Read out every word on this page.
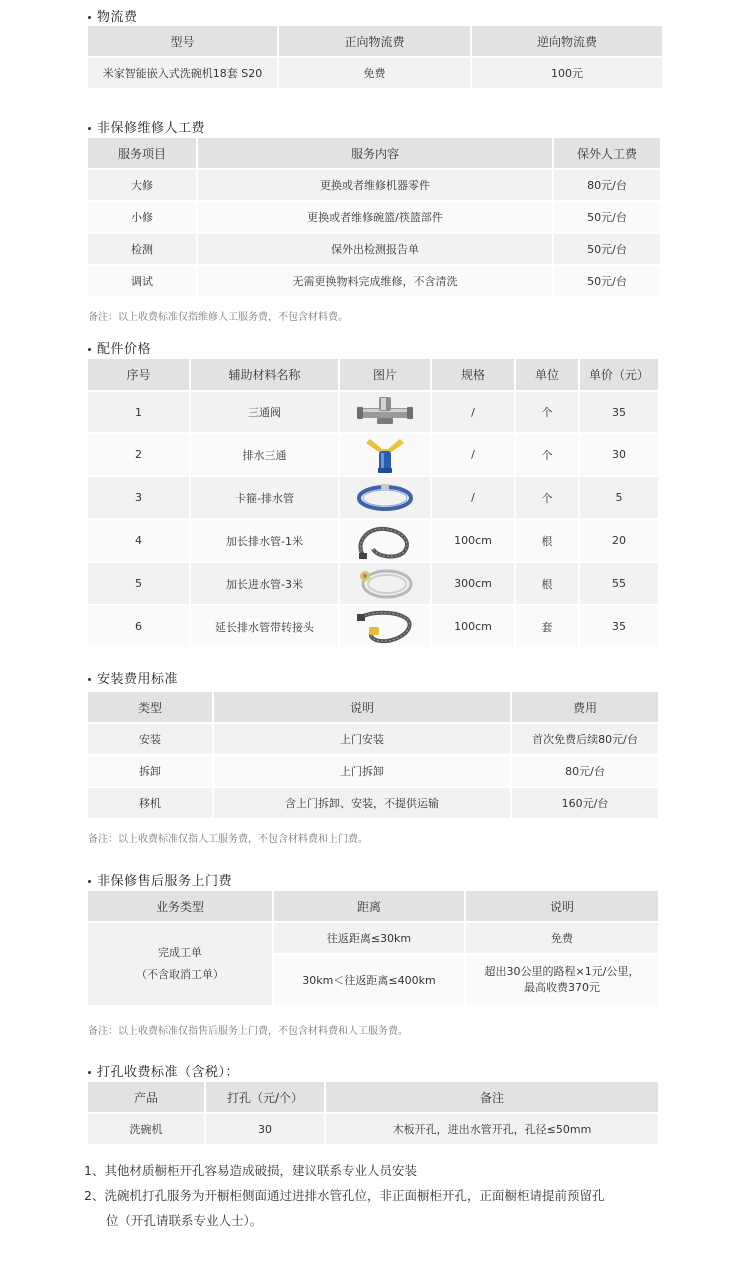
物流费
型号	正向物流费	逆向物流费
米家智能嵌入式洗碗机18套 S20	免费	100元
非保修维修人工费
服务项目	服务内容	保外人工费
大修	更换或者维修机器零件	80元/台
小修	更换或者维修碗篮/筷篮部件	50元/台
检测	保外出检测报告单	50元/台
调试	无需更换物料完成维修，不含清洗	50元/台
备注：以上收费标准仅指维修人工服务费，不包含材料费。
配件价格
序号	辅助材料名称	图片	规格	单位	单价（元）
1	三通阀		/	个	35
2	排水三通		/	个	30
3	卡箍-排水管		/	个	5
4	加长排水管-1米		100cm	根	20
5	加长进水管-3米		300cm	根	55
6	延长排水管带转接头		100cm	套	35
安装费用标准
类型	说明	费用
安装	上门安装	首次免费后续80元/台
拆卸	上门拆卸	80元/台
移机	含上门拆卸、安装，不提供运输	160元/台
备注：以上收费标准仅指人工服务费，不包含材料费和上门费。
非保修售后服务上门费
业务类型	距离	说明

完成工单
（不含取消工单）	往返距离≤30km	免费
	30km＜往返距离≤400km	超出30公里的路程×1元/公里，
最高收费370元
备注：以上收费标准仅指售后服务上门费，不包含材料费和人工服务费。
打孔收费标准（含税）：
产品	打孔（元/个）	备注
洗碗机	30	木板开孔，进出水管开孔，孔径≤50mm
1、其他材质橱柜开孔容易造成破损，建议联系专业人员安装
2、洗碗机打孔服务为开橱柜侧面通过进排水管孔位，非正面橱柜开孔，正面橱柜请提前预留孔
位（开孔请联系专业人士）。
